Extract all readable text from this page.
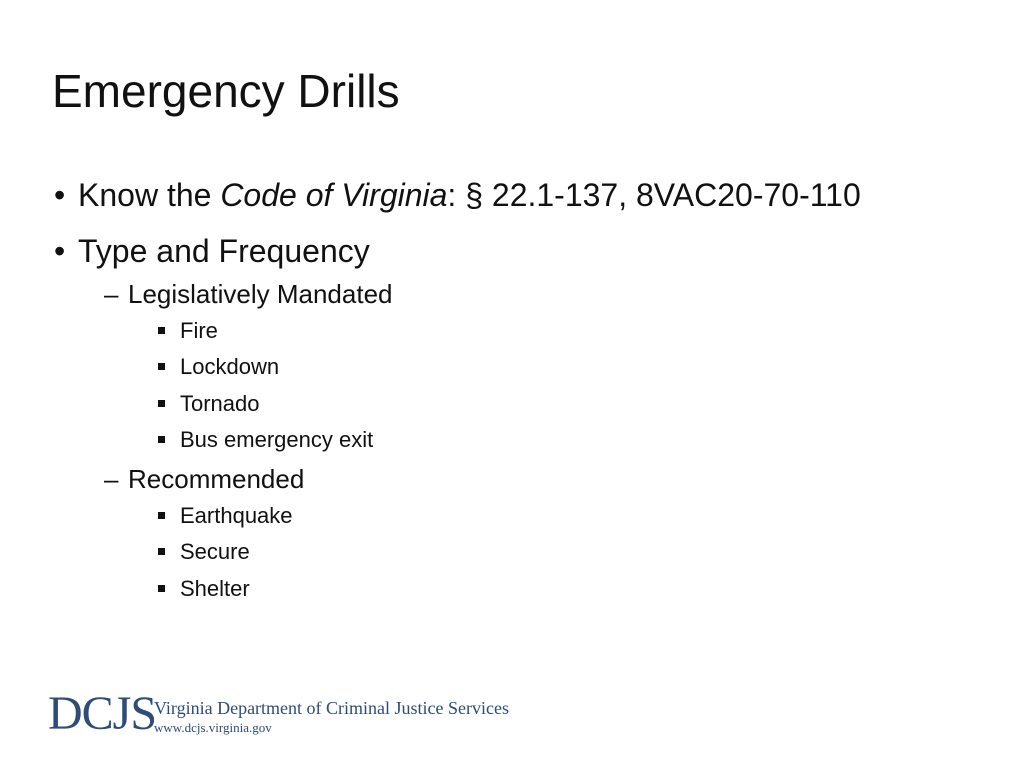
Emergency Drills
• Know the Code of Virginia: § 22.1-137, 8VAC20-70-110
• Type and Frequency
– Legislatively Mandated
Fire
Lockdown
Tornado
Bus emergency exit
– Recommended
Earthquake
Secure
Shelter
DCJS
Virginia Department of Criminal Justice Services
www.dcjs.virginia.gov
